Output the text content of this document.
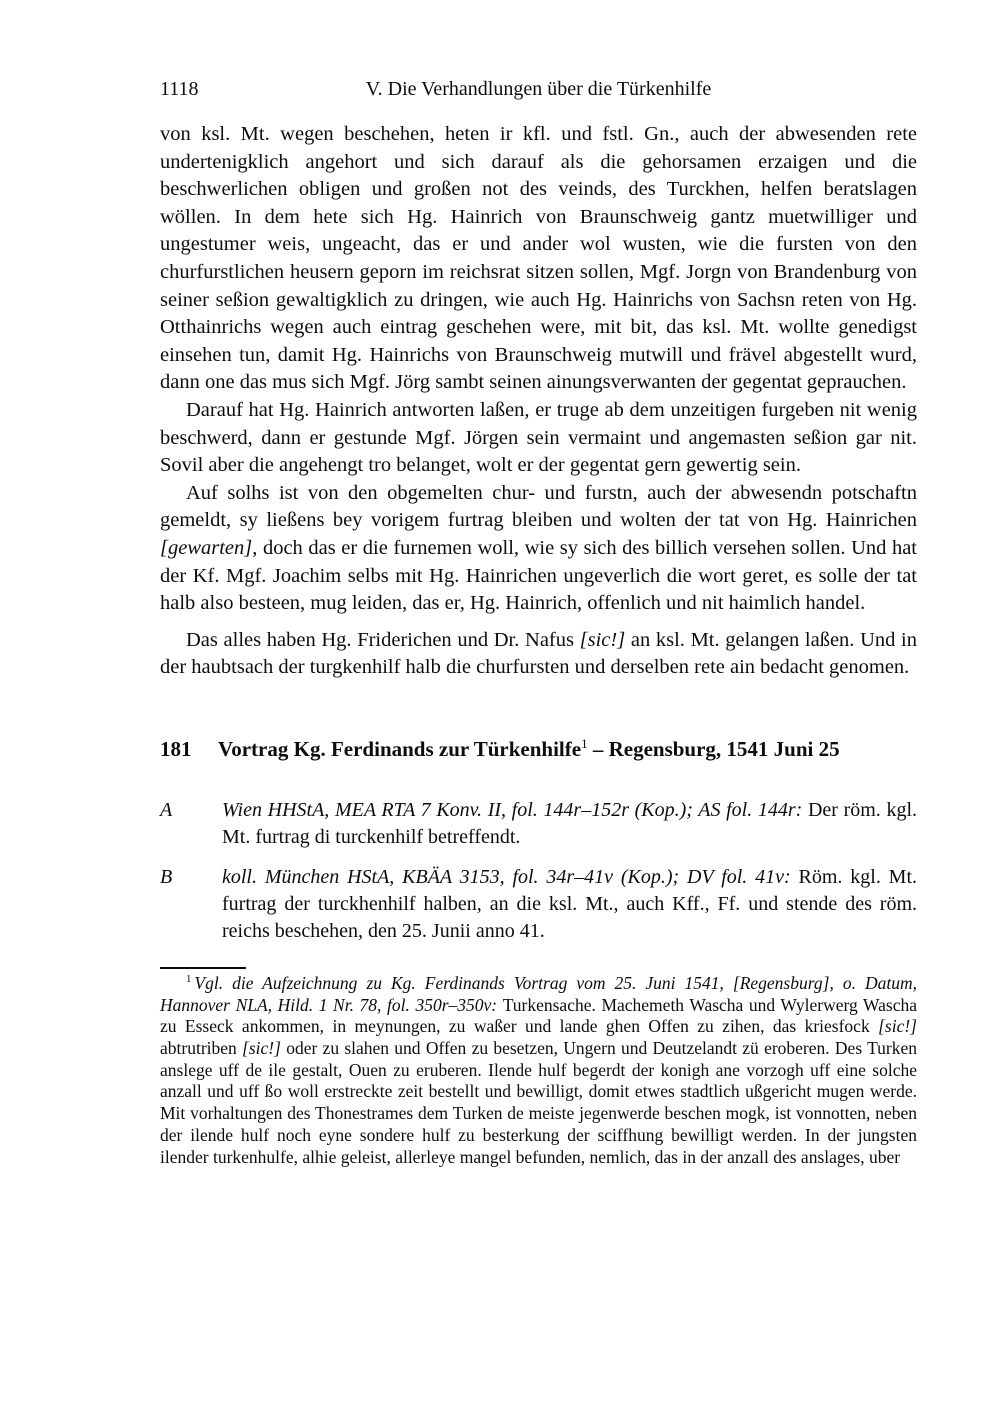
1118	V. Die Verhandlungen über die Türkenhilfe

von ksl. Mt. wegen beschehen, heten ir kfl. und fstl. Gn., auch der abwesenden rete undertenigklich angehort und sich darauf als die gehorsamen erzaigen und die beschwerlichen obligen und großen not des veinds, des Turckhen, helfen beratslagen wöllen. In dem hete sich Hg. Hainrich von Braunschweig gantz muetwilliger und ungestumer weis, ungeacht, das er und ander wol wusten, wie die fursten von den churfurstlichen heusern geporn im reichsrat sitzen sollen, Mgf. Jorgn von Brandenburg von seiner seßion gewaltigklich zu dringen, wie auch Hg. Hainrichs von Sachsn reten von Hg. Otthainrichs wegen auch eintrag geschehen were, mit bit, das ksl. Mt. wollte genedigst einsehen tun, damit Hg. Hainrichs von Braunschweig mutwill und frävel abgestellt wurd, dann one das mus sich Mgf. Jörg sambt seinen ainungsverwanten der gegentat geprauchen.

Darauf hat Hg. Hainrich antworten laßen, er truge ab dem unzeitigen furgeben nit wenig beschwerd, dann er gestunde Mgf. Jörgen sein vermaint und angemasten seßion gar nit. Sovil aber die angehengt tro belanget, wolt er der gegentat gern gewertig sein.

Auf solhs ist von den obgemelten chur- und furstn, auch der abwesendn potschaftn gemeldt, sy ließens bey vorigem furtrag bleiben und wolten der tat von Hg. Hainrichen [gewarten], doch das er die furnemen woll, wie sy sich des billich versehen sollen. Und hat der Kf. Mgf. Joachim selbs mit Hg. Hainrichen ungeverlich die wort geret, es solle der tat halb also besteen, mug leiden, das er, Hg. Hainrich, offenlich und nit haimlich handel.

Das alles haben Hg. Friderichen und Dr. Nafus [sic!] an ksl. Mt. gelangen laßen. Und in der haubtsach der turgkenhilf halb die churfursten und derselben rete ain bedacht genomen.

181	Vortrag Kg. Ferdinands zur Türkenhilfe$^1$ – Regensburg, 1541 Juni 25
A	Wien HHStA, MEA RTA 7 Konv. II, fol. 144r–152r (Kop.); AS fol. 144r: Der röm. kgl. Mt. furtrag di turckenhilf betreffendt.
B	koll. München HStA, KBÄA 3153, fol. 34r–41v (Kop.); DV fol. 41v: Röm. kgl. Mt. furtrag der turckhenhilf halben, an die ksl. Mt., auch Kff., Ff. und stende des röm. reichs beschehen, den 25. Junii anno 41.

$^1$ Vgl. die Aufzeichnung zu Kg. Ferdinands Vortrag vom 25. Juni 1541, [Regensburg], o. Datum, Hannover NLA, Hild. 1 Nr. 78, fol. 350r–350v: Turkensache. Machemeth Wascha und Wylerwerg Wascha zu Esseck ankommen, in meynungen, zu waßer und lande ghen Offen zu zihen, das kriesfock [sic!] abtrutriben [sic!] oder zu slahen und Offen zu besetzen, Ungern und Deutzelandt zü eroberen. Des Turken anslege uff de ile gestalt, Ouen zu eruberen. Ilende hulf begerdt der konigh ane vorzogh uff eine solche anzall und uff ßo woll erstreckte zeit bestellt und bewilligt, domit etwes stadtlich ußgericht mugen werde. Mit vorhaltungen des Thonestrames dem Turken de meiste jegenwerde beschen mogk, ist vonnotten, neben der ilende hulf noch eyne sondere hulf zu besterkung der sciffhung bewilligt werden. In der jungsten ilender turkenhulfe, alhie geleist, allerleye mangel befunden, nemlich, das in der anzall des anslages, uber
